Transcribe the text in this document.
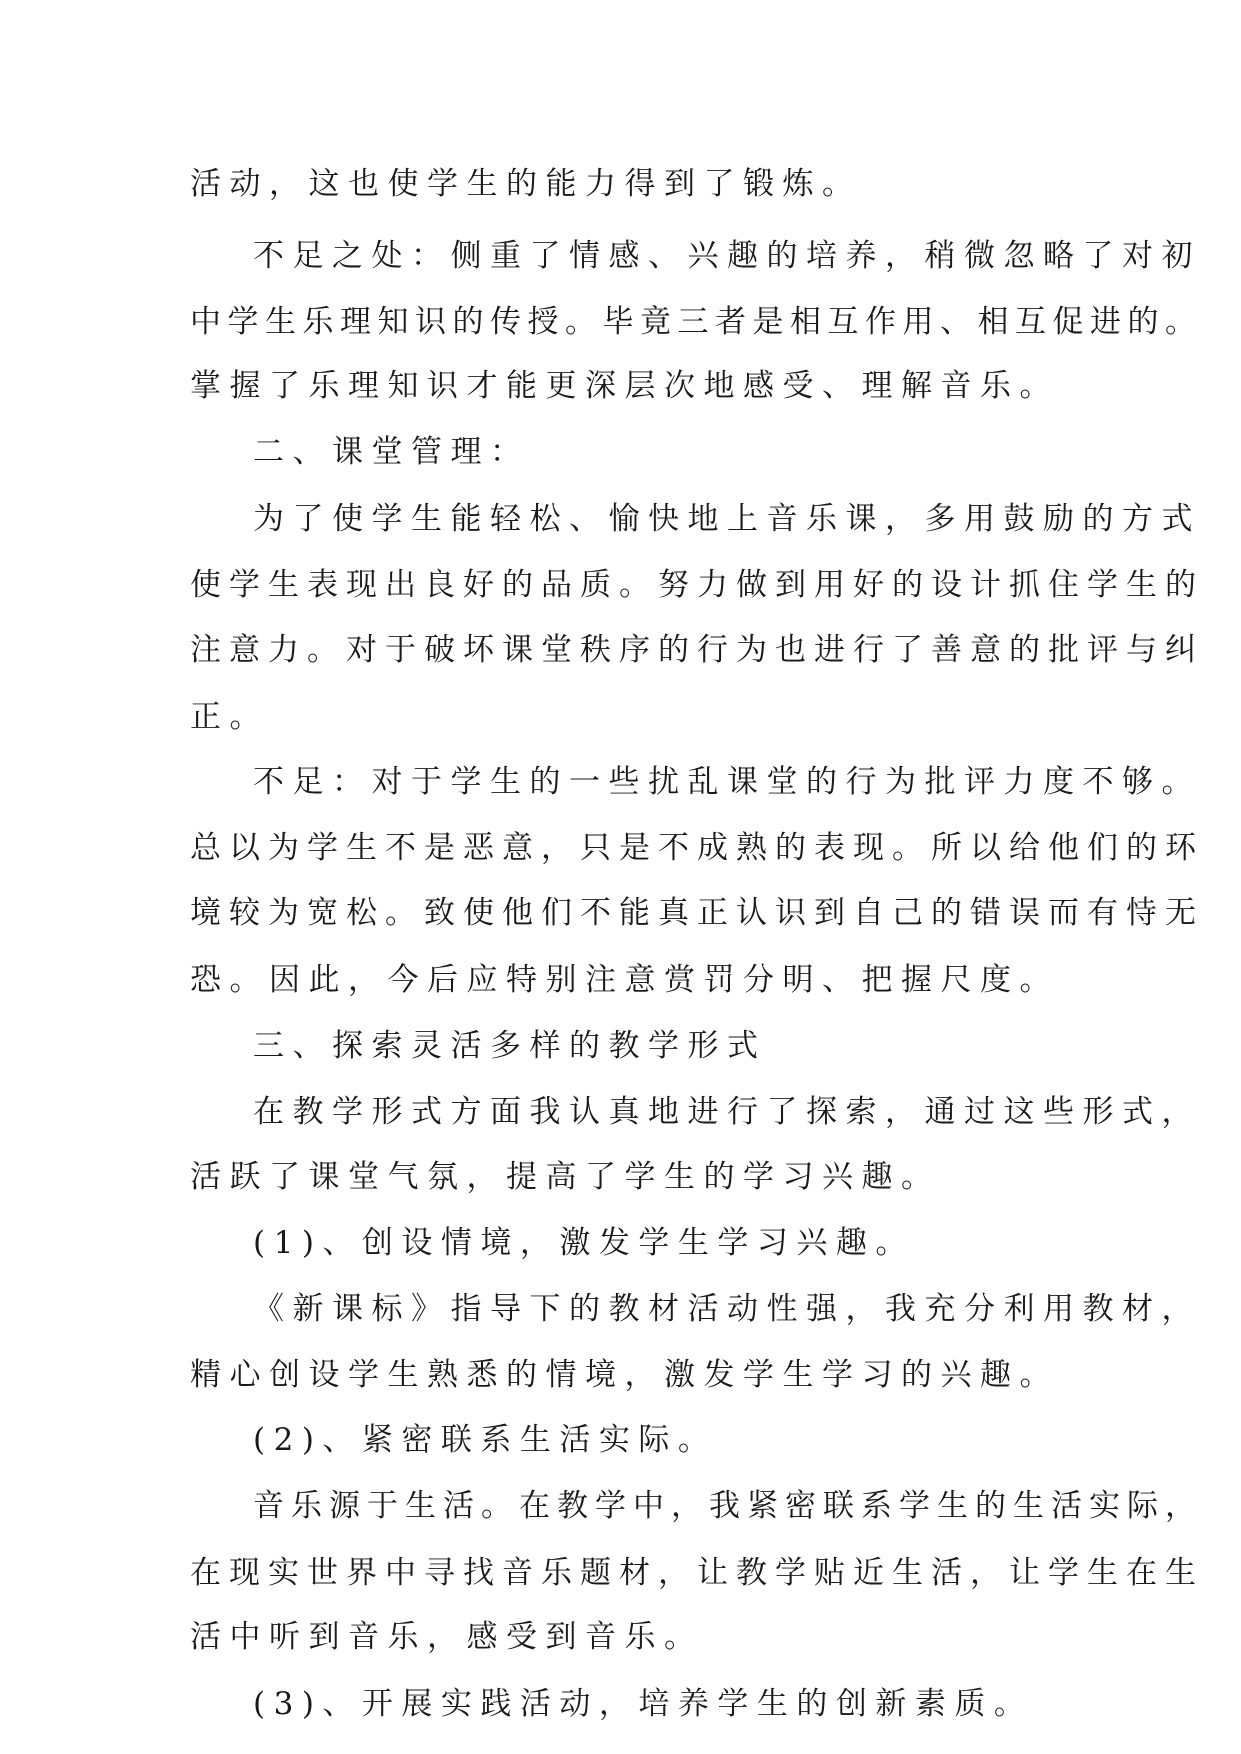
活动，这也使学生的能力得到了锻炼。

不足之处：侧重了情感、兴趣的培养，稍微忽略了对初

中学生乐理知识的传授。毕竟三者是相互作用、相互促进的。

掌握了乐理知识才能更深层次地感受、理解音乐。

二、课堂管理：

为了使学生能轻松、愉快地上音乐课，多用鼓励的方式

使学生表现出良好的品质。努力做到用好的设计抓住学生的

注意力。对于破坏课堂秩序的行为也进行了善意的批评与纠

正。

不足：对于学生的一些扰乱课堂的行为批评力度不够。

总以为学生不是恶意，只是不成熟的表现。所以给他们的环

境较为宽松。致使他们不能真正认识到自己的错误而有恃无

恐。因此，今后应特别注意赏罚分明、把握尺度。

三、探索灵活多样的教学形式

在教学形式方面我认真地进行了探索，通过这些形式，

活跃了课堂气氛，提高了学生的学习兴趣。

(1)、创设情境，激发学生学习兴趣。

《新课标》指导下的教材活动性强，我充分利用教材，

精心创设学生熟悉的情境，激发学生学习的兴趣。

(2)、紧密联系生活实际。

音乐源于生活。在教学中，我紧密联系学生的生活实际，

在现实世界中寻找音乐题材，让教学贴近生活，让学生在生

活中听到音乐，感受到音乐。

(3)、开展实践活动，培养学生的创新素质。
